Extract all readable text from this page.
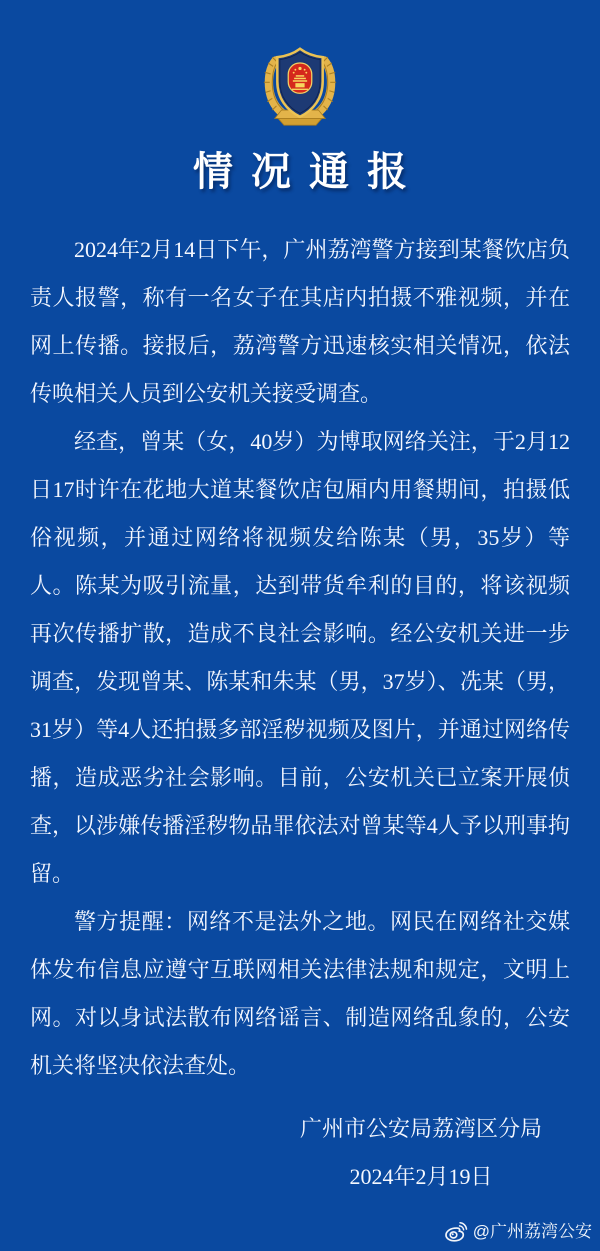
情况通报

2024年2月14日下午，广州荔湾警方接到某餐饮店负责人报警，称有一名女子在其店内拍摄不雅视频，并在网上传播。接报后，荔湾警方迅速核实相关情况，依法传唤相关人员到公安机关接受调查。

经查，曾某（女，40岁）为博取网络关注，于2月12日17时许在花地大道某餐饮店包厢内用餐期间，拍摄低俗视频，并通过网络将视频发给陈某（男，35岁）等人。陈某为吸引流量，达到带货牟利的目的，将该视频再次传播扩散，造成不良社会影响。经公安机关进一步调查，发现曾某、陈某和朱某（男，37岁）、冼某（男，31岁）等4人还拍摄多部淫秽视频及图片，并通过网络传播，造成恶劣社会影响。目前，公安机关已立案开展侦查，以涉嫌传播淫秽物品罪依法对曾某等4人予以刑事拘留。

警方提醒：网络不是法外之地。网民在网络社交媒体发布信息应遵守互联网相关法律法规和规定，文明上网。对以身试法散布网络谣言、制造网络乱象的，公安机关将坚决依法查处。

广州市公安局荔湾区分局
2024年2月19日
@广州荔湾公安
